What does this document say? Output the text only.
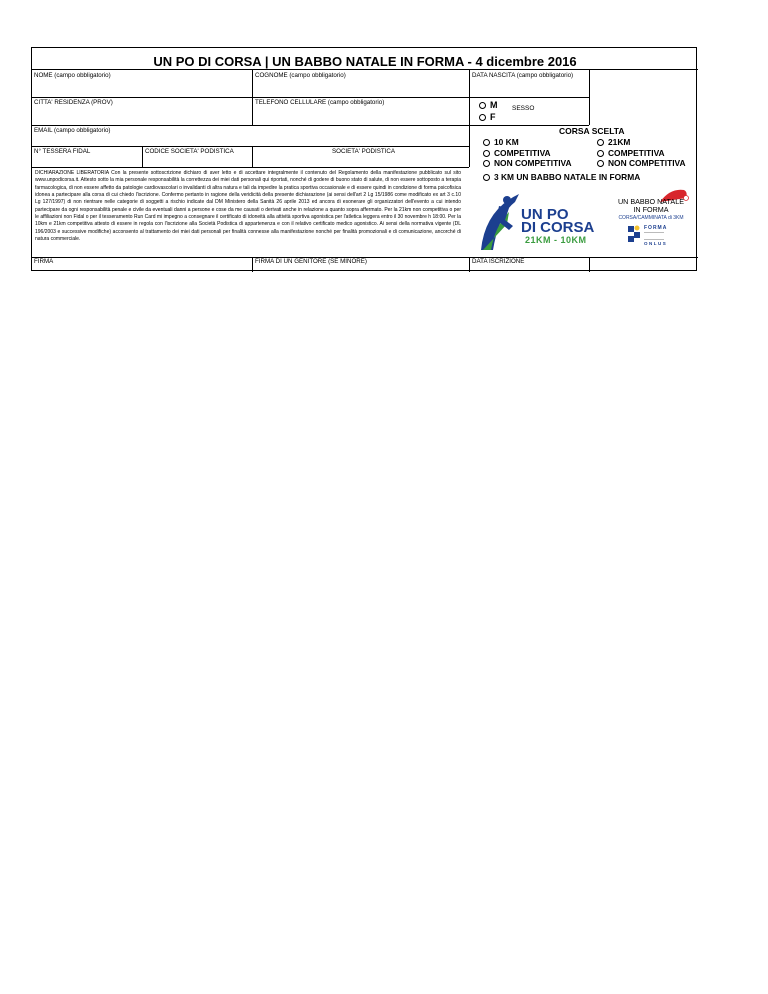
UN PO DI CORSA | UN BABBO NATALE IN FORMA - 4 dicembre 2016
NOME (campo obbligatorio)	COGNOME (campo obbligatorio)	DATA NASCITA (campo obbligatorio)
CITTA' RESIDENZA (PROV)	TELEFONO CELLULARE (campo obbligatorio)
EMAIL (campo obbligatorio)
N° TESSERA FIDAL	CODICE SOCIETA' PODISTICA	SOCIETA' PODISTICA
FIRMA	FIRMA DI UN GENITORE (SE MINORE)	DATA ISCRIZIONE
M
F
SESSO
CORSA SCELTA
10 KM
COMPETITIVA
NON COMPETITIVA
21KM
COMPETITIVA
NON COMPETITIVA
3 KM UN BABBO NATALE IN FORMA
DICHIARAZIONE LIBERATORIA Con la presente sottoscrizione dichiaro di aver letto e di accettare integralmente il contenuto del Regolamento della manifestazione pubblicato sul sito www.unpodicorsa.it. Attesto sotto la mia personale responsabilità la correttezza dei miei dati personali qui riportati, nonché di godere di buono stato di salute, di non essere sottoposto a terapia farmacologica, di non essere affetto da patologie cardiovascolari o invalidanti di altra natura e tali da impedire la pratica sportiva occasionale e di essere quindi in condizione di forma psicofisica idonea a partecipare alla corsa di cui chiedo l'iscrizione. Confermo pertanto in ragione della veridicità della presente dichiarazione (ai sensi dell'art 2 Lg 15/1986 come modificato ex art 3 c.10 Lg 127/1997) di non rientrare nelle categorie di soggetti a rischio indicate dal DM Ministero della Sanità 26 aprile 2013 ed ancora di esonerare gli organizzatori dell'evento a cui intendo partecipare da ogni responsabilità penale e civile da eventuali danni a persone e cose da me causati o derivati anche in relazione a quanto sopra affermato. Per la 21km non competitiva o per le affiliazioni non Fidal o per il tesseramento Run Card mi impegno a consegnare il certificato di idoneità alla attività sportiva agonistica per l'atletica leggera entro il 30 novembre h 18:00. Per la 10km e 21km competitiva attesto di essere in regola con l'iscrizione alla Società Podistica di appartenenza e con il relativo certificato medico agonistico. Ai sensi della normativa vigente (DL 196/2003 e successive modifiche) acconsento al trattamento dei miei dati personali per finalità connesse alla manifestazione nonché per finalità promozionali e di comunicazione, ancorché di natura commerciale.
UN PO
DI CORSA
21KM - 10KM
UN BABBO NATALE
IN FORMA
CORSA/CAMMINATA di 3KM
FORMA
ONLUS
